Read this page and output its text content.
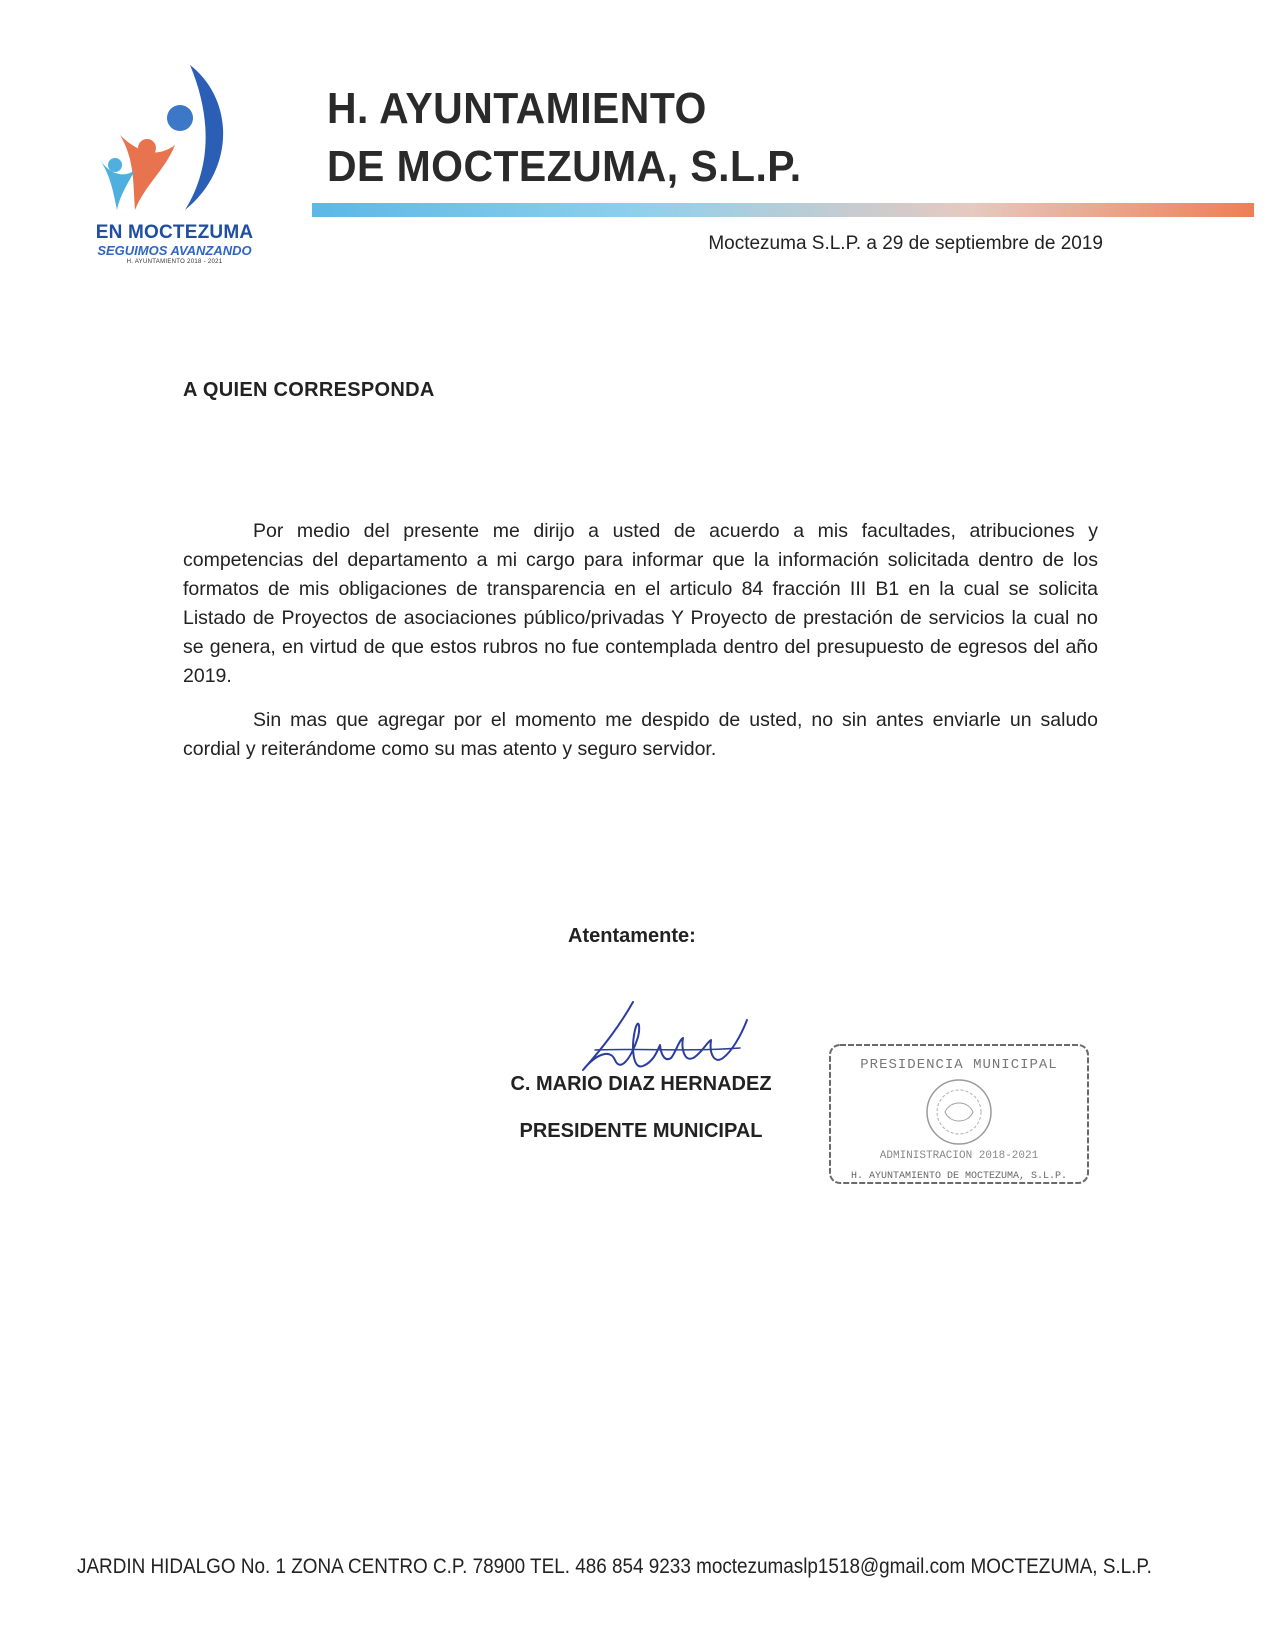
EN MOCTEZUMA
SEGUIMOS AVANZANDO
H. AYUNTAMIENTO 2018 - 2021
H. AYUNTAMIENTO
DE MOCTEZUMA, S.L.P.
Moctezuma S.L.P. a 29 de septiembre de 2019
A QUIEN CORRESPONDA
Por medio del presente me dirijo a usted de acuerdo a mis facultades, atribuciones y competencias del departamento a mi cargo para informar que la información solicitada dentro de los formatos de mis obligaciones de transparencia en el articulo 84 fracción III B1 en la cual se solicita Listado de Proyectos de asociaciones público/privadas Y Proyecto de prestación de servicios la cual no se genera, en virtud de que estos rubros no fue contemplada dentro del presupuesto de egresos del año 2019.
Sin mas que agregar por el momento me despido de usted, no sin antes enviarle un saludo cordial y reiterándome como su mas atento y seguro servidor.
Atentamente:
C. MARIO DIAZ HERNADEZ
PRESIDENTE MUNICIPAL
PRESIDENCIA MUNICIPAL
ADMINISTRACION 2018-2021
H. AYUNTAMIENTO DE MOCTEZUMA, S.L.P.
JARDIN HIDALGO No. 1 ZONA CENTRO C.P. 78900 TEL. 486 854 9233 moctezumaslp1518@gmail.com MOCTEZUMA, S.L.P.
